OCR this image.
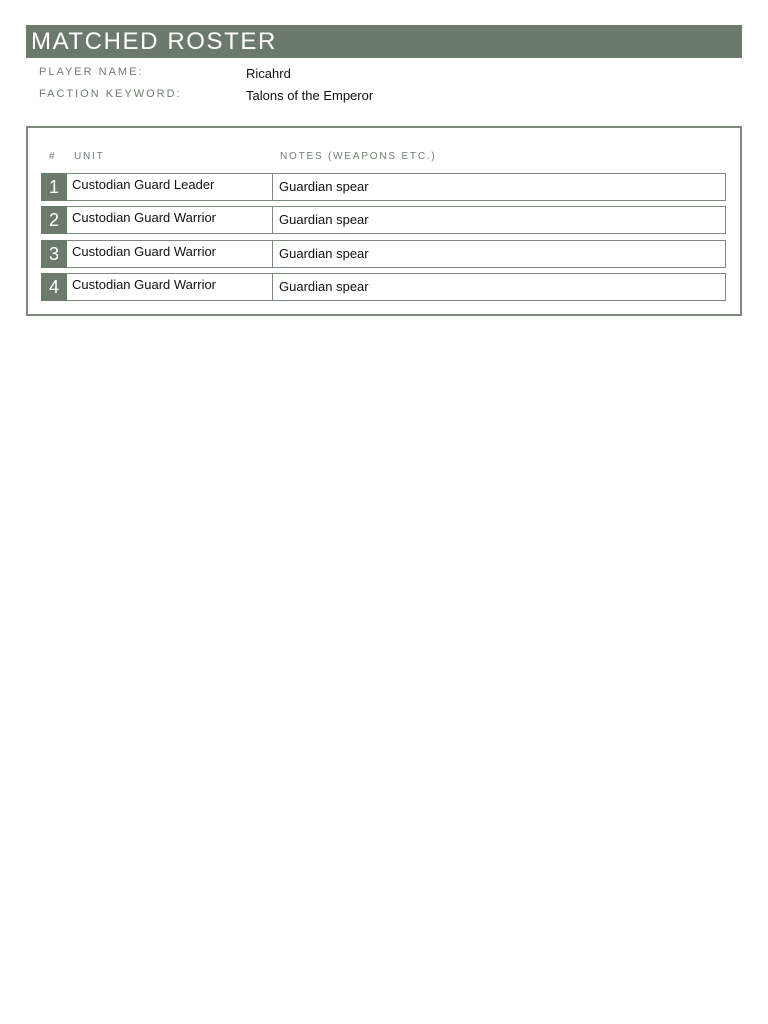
MATCHED ROSTER
PLAYER NAME:	Ricahrd
FACTION KEYWORD:	Talons of the Emperor
# UNIT	NOTES (WEAPONS ETC.)
1	Custodian Guard Leader	Guardian spear
2	Custodian Guard Warrior	Guardian spear
3	Custodian Guard Warrior	Guardian spear
4	Custodian Guard Warrior	Guardian spear
